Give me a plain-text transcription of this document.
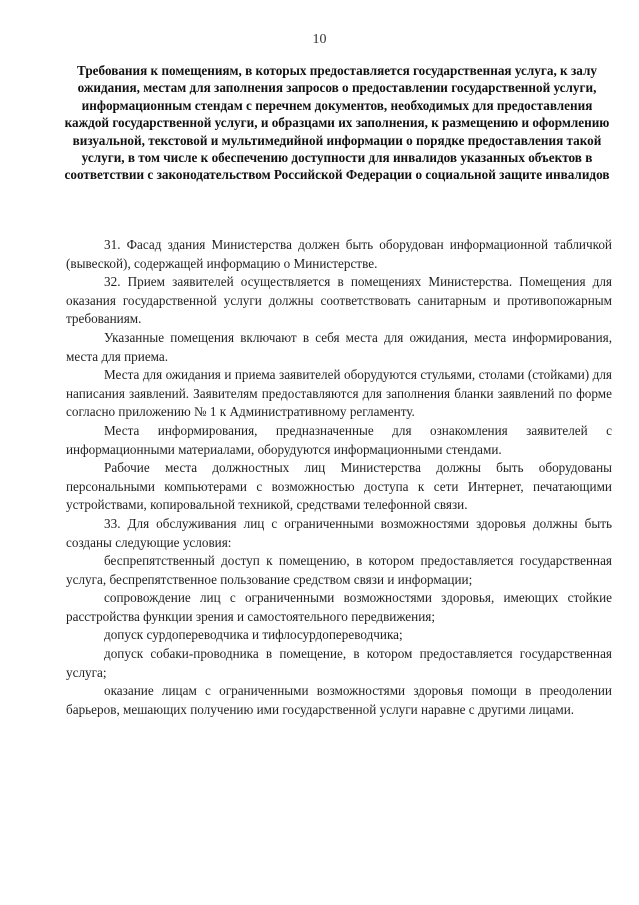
10
Требования к помещениям, в которых предоставляется государственная услуга, к залу ожидания, местам для заполнения запросов о предоставлении государственной услуги, информационным стендам с перечнем документов, необходимых для предоставления каждой государственной услуги, и образцами их заполнения, к размещению и оформлению визуальной, текстовой и мультимедийной информации о порядке предоставления такой услуги, в том числе к обеспечению доступности для инвалидов указанных объектов в соответствии с законодательством Российской Федерации о социальной защите инвалидов

31. Фасад здания Министерства должен быть оборудован информационной табличкой (вывеской), содержащей информацию о Министерстве.

32. Прием заявителей осуществляется в помещениях Министерства. Помещения для оказания государственной услуги должны соответствовать санитарным и противопожарным требованиям.

Указанные помещения включают в себя места для ожидания, места информирования, места для приема.

Места для ожидания и приема заявителей оборудуются стульями, столами (стойками) для написания заявлений. Заявителям предоставляются для заполнения бланки заявлений по форме согласно приложению № 1 к Административному регламенту.

Места информирования, предназначенные для ознакомления заявителей с информационными материалами, оборудуются информационными стендами.

Рабочие места должностных лиц Министерства должны быть оборудованы персональными компьютерами с возможностью доступа к сети Интернет, печатающими устройствами, копировальной техникой, средствами телефонной связи.

33. Для обслуживания лиц с ограниченными возможностями здоровья должны быть созданы следующие условия:

беспрепятственный доступ к помещению, в котором предоставляется государственная услуга, беспрепятственное пользование средством связи и информации;

сопровождение лиц с ограниченными возможностями здоровья, имеющих стойкие расстройства функции зрения и самостоятельного передвижения;

допуск сурдопереводчика и тифлосурдопереводчика;

допуск собаки-проводника в помещение, в котором предоставляется государственная услуга;

оказание лицам с ограниченными возможностями здоровья помощи в преодолении барьеров, мешающих получению ими государственной услуги наравне с другими лицами.
